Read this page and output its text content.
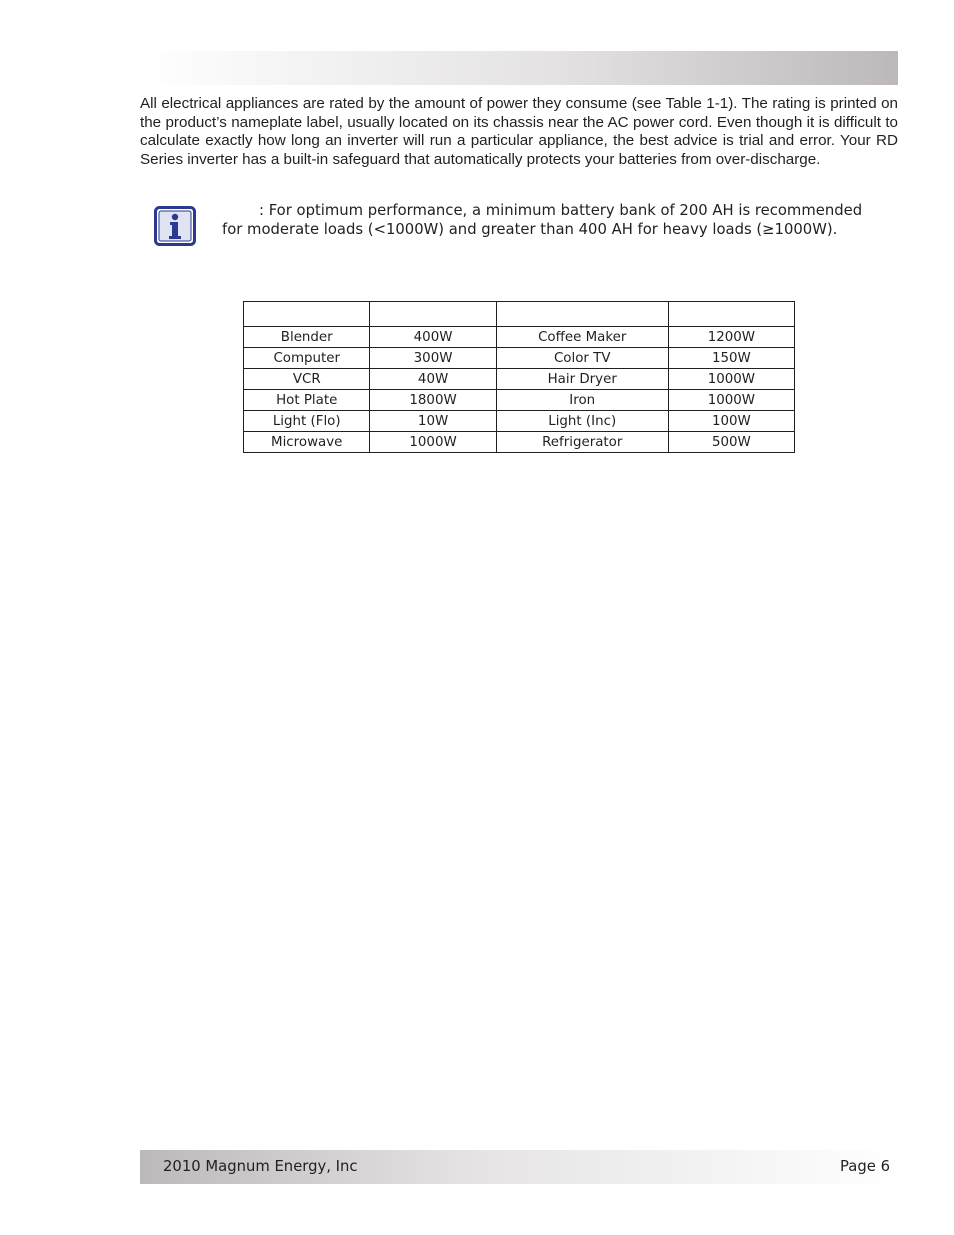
All electrical appliances are rated by the amount of power they consume (see Table 1-1). The rating is printed on the product’s nameplate label, usually located on its chassis near the AC power cord. Even though it is difficult to calculate exactly how long an inverter will run a particular appliance, the best advice is trial and error. Your RD Series inverter has a built-in safeguard that automatically protects your batteries from over-discharge.

: For optimum performance, a minimum battery bank of 200 AH is recommended
for moderate loads (<1000W) and greater than 400 AH for heavy loads (≥1000W).

Blender	400W	Coffee Maker	1200W
Computer	300W	Color TV	150W
VCR	40W	Hair Dryer	1000W
Hot Plate	1800W	Iron	1000W
Light (Flo)	10W	Light (Inc)	100W
Microwave	1000W	Refrigerator	500W
2010 Magnum Energy, Inc	Page 6
